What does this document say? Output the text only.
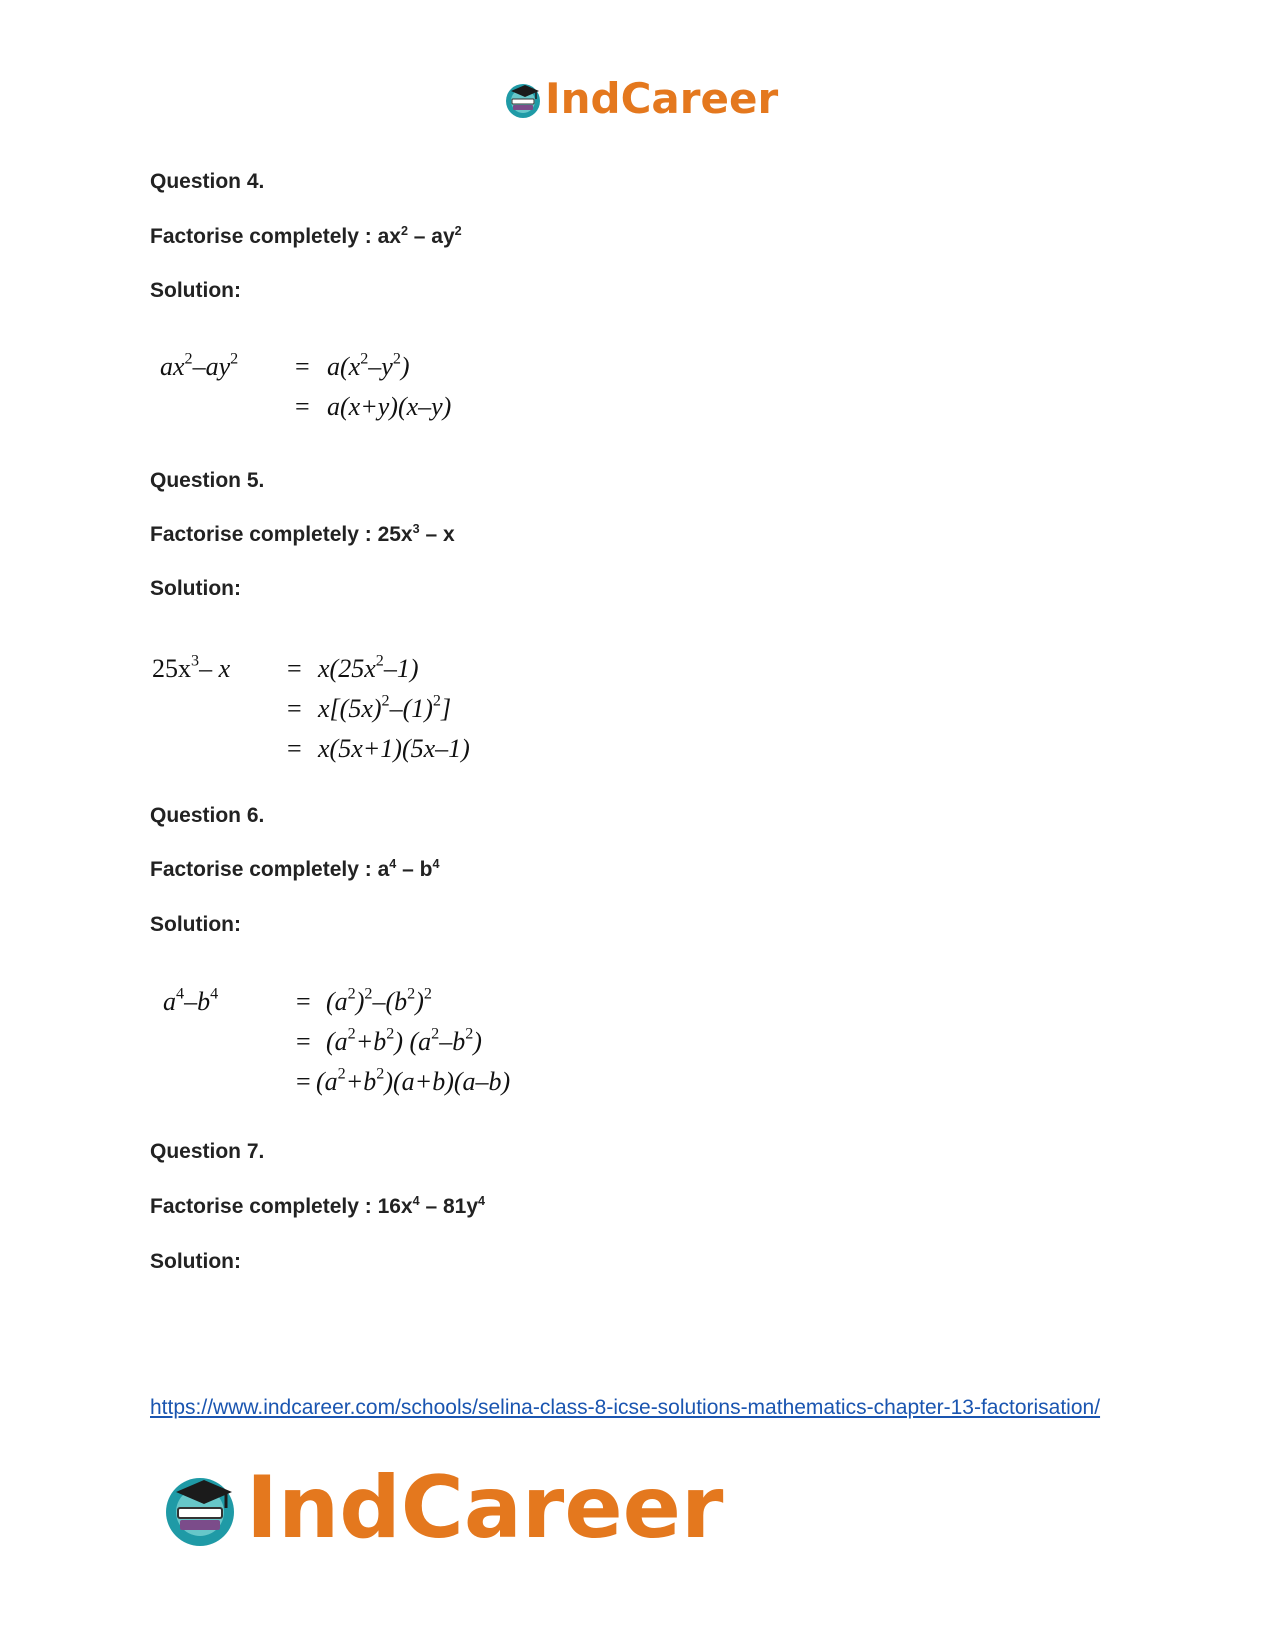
IndCareer
Question 4.
Factorise completely : $ax^2 - ay^2$
Solution:
$ax^2-ay^2 = a(x^2-y^2)$
= a(x+y)(x–y)
Question 5.
Factorise completely : $25x^3$ – x
Solution:
$25x^3-$ $x = x(25x^2-1)$
= $x[(5x)^2-(1)^2]$
= x(5x+1)(5x–1)
Question 6.
Factorise completely : $a^4 - b^4$
Solution:
$a^4-b^4$	= $(a^2)^2-(b^2)^2$
= $(a^2+b^2)$ $(a^2-b^2)$
= $(a^2+b^2)(a+b)(a-b)$
Question 7.
Factorise completely : $16x^4 - 81y^4$
Solution:
https://www.indcareer.com/schools/selina-class-8-icse-solutions-mathematics-chapter-13-factorisation/
IndCareer
